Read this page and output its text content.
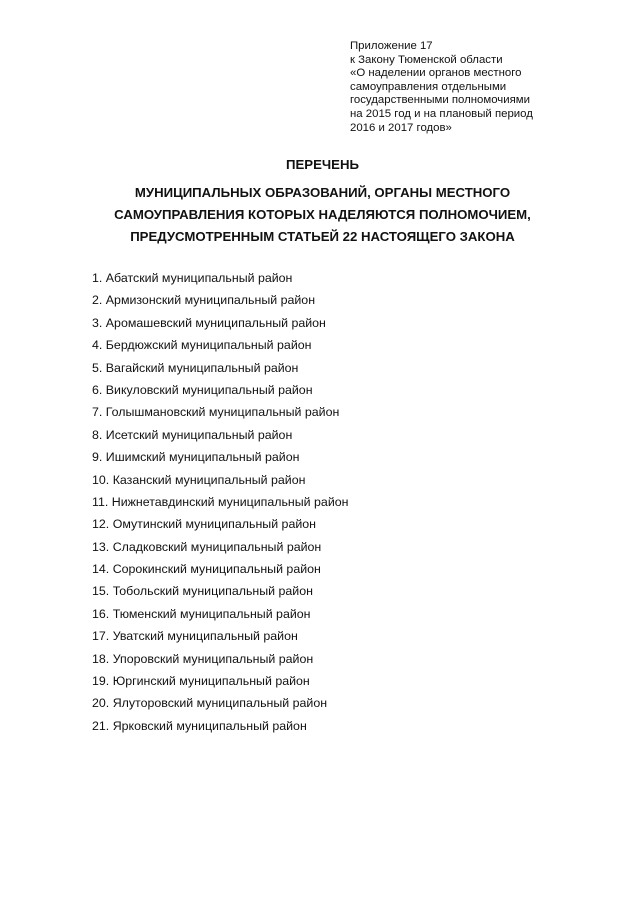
Приложение 17
к Закону Тюменской области
«О наделении органов местного
самоуправления отдельными
государственными полномочиями
на 2015 год и на плановый период
2016 и 2017 годов»
ПЕРЕЧЕНЬ
МУНИЦИПАЛЬНЫХ ОБРАЗОВАНИЙ, ОРГАНЫ МЕСТНОГО
САМОУПРАВЛЕНИЯ КОТОРЫХ НАДЕЛЯЮТСЯ ПОЛНОМОЧИЕМ,
ПРЕДУСМОТРЕННЫМ СТАТЬЕЙ 22 НАСТОЯЩЕГО ЗАКОНА
1. Абатский муниципальный район
2. Армизонский муниципальный район
3. Аромашевский муниципальный район
4. Бердюжский муниципальный район
5. Вагайский муниципальный район
6. Викуловский муниципальный район
7. Голышмановский муниципальный район
8. Исетский муниципальный район
9. Ишимский муниципальный район
10. Казанский муниципальный район
11. Нижнетавдинский муниципальный район
12. Омутинский муниципальный район
13. Сладковский муниципальный район
14. Сорокинский муниципальный район
15. Тобольский муниципальный район
16. Тюменский муниципальный район
17. Уватский муниципальный район
18. Упоровский муниципальный район
19. Юргинский муниципальный район
20. Ялуторовский муниципальный район
21. Ярковский муниципальный район
